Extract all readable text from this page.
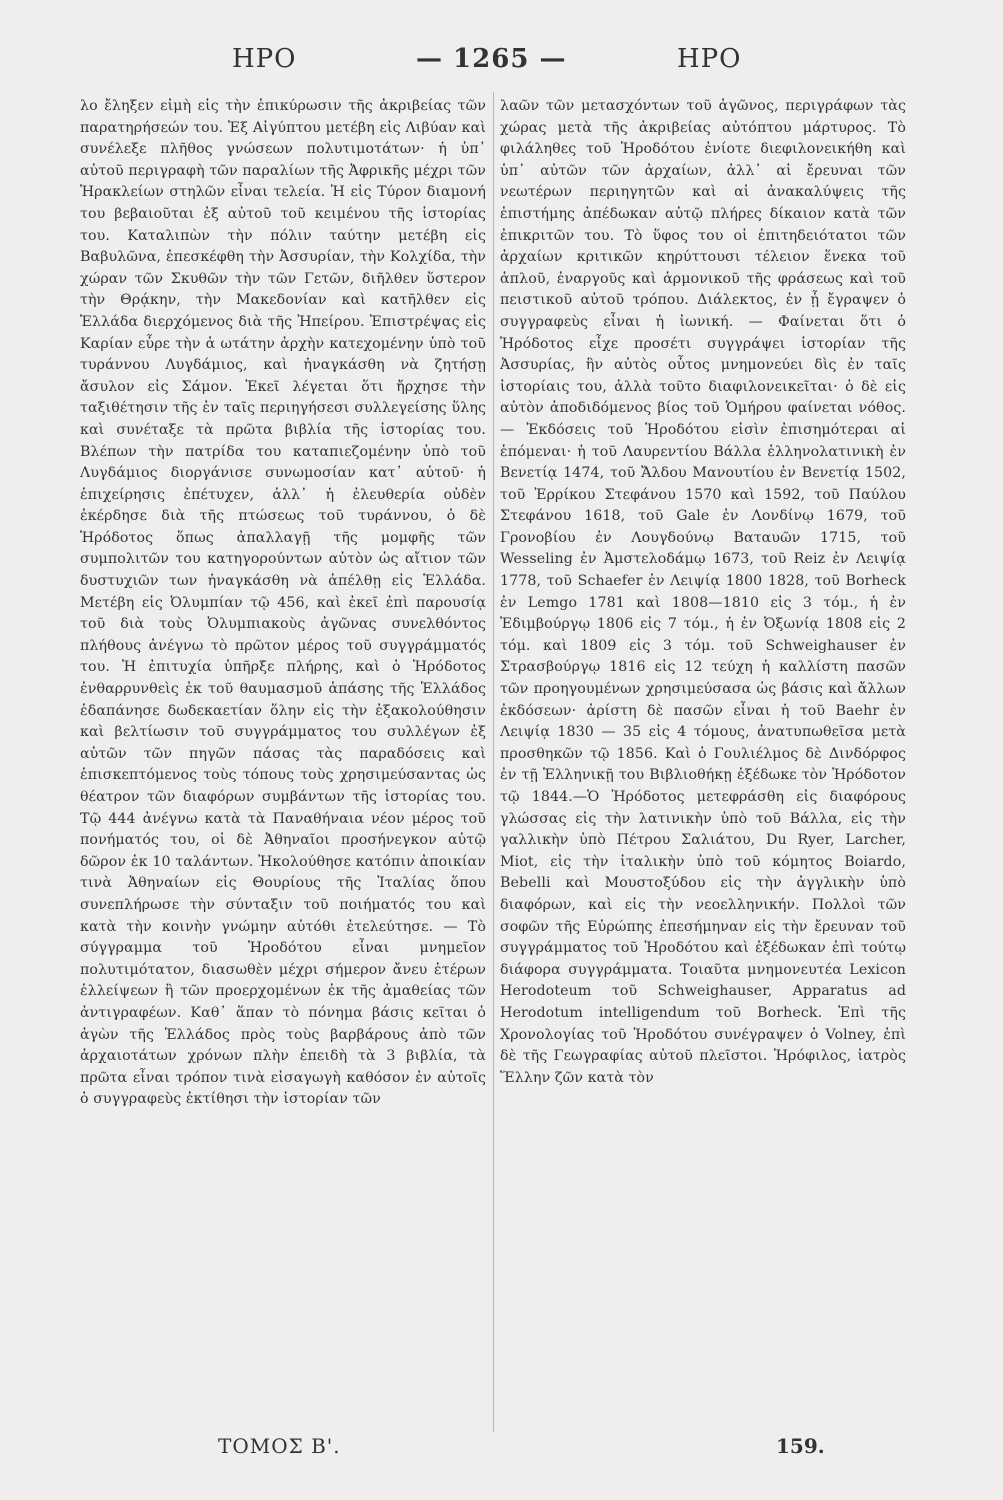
ΗΡΟ	— 1265 —	ΗΡΟ

λο ἔληξεν εἰμὴ εἰς τὴν ἐπικύρωσιν τῆς ἀκριβείας τῶν παρατηρήσεών του. Ἐξ Αἰγύπτου μετέβη εἰς Λιβύαν καὶ συνέλεξε πλῆθος γνώσεων πολυτιμοτάτων· ἡ ὑπ᾽ αὐτοῦ περιγραφὴ τῶν παραλίων τῆς Ἀφρικῆς μέχρι τῶν Ἡρακλείων στηλῶν εἶναι τελεία. Ἡ εἰς Τύρον διαμονή του βεβαιοῦται ἐξ αὐτοῦ τοῦ κειμένου τῆς ἱστορίας του. Καταλιπὼν τὴν πόλιν ταύτην μετέβη εἰς Βαβυλῶνα, ἐπεσκέφθη τὴν Ἀσσυρίαν, τὴν Κολχίδα, τὴν χώραν τῶν Σκυθῶν τὴν τῶν Γετῶν, διῆλθεν ὕστερον τὴν Θρᾴκην, τὴν Μακεδονίαν καὶ κατῆλθεν εἰς Ἑλλάδα διερχόμενος διὰ τῆς Ἠπείρου. Ἐπιστρέψας εἰς Καρίαν εὗρε τὴν ἀ ωτάτην ἀρχὴν κατεχομένην ὑπὸ τοῦ τυράννου Λυγδάμιος, καὶ ἠναγκάσθη νὰ ζητήσῃ ἄσυλον εἰς Σάμον. Ἐκεῖ λέγεται ὅτι ἤρχησε τὴν ταξιθέτησιν τῆς ἐν ταῖς περιηγήσεσι συλλεγείσης ὕλης καὶ συνέταξε τὰ πρῶτα βιβλία τῆς ἱστορίας του. Βλέπων τὴν πατρίδα του καταπιεζομένην ὑπὸ τοῦ Λυγδάμιος διοργάνισε συνωμοσίαν κατ᾽ αὐτοῦ· ἡ ἐπιχείρησις ἐπέτυχεν, ἀλλ᾽ ἡ ἐλευθερία οὐδὲν ἐκέρδησε διὰ τῆς πτώσεως τοῦ τυράννου, ὁ δὲ Ἡρόδοτος ὅπως ἀπαλλαγῇ τῆς μομφῆς τῶν συμπολιτῶν του κατηγορούντων αὐτὸν ὡς αἴτιον τῶν δυστυχιῶν των ἠναγκάσθη νὰ ἀπέλθῃ εἰς Ἑλλάδα. Μετέβη εἰς Ὀλυμπίαν τῷ 456, καὶ ἐκεῖ ἐπὶ παρουσίᾳ τοῦ διὰ τοὺς Ὀλυμπιακοὺς ἀγῶνας συνελθόντος πλήθους ἀνέγνω τὸ πρῶτον μέρος τοῦ συγγράμματός του. Ἡ ἐπιτυχία ὑπῆρξε πλήρης, καὶ ὁ Ἡρόδοτος ἐνθαρρυνθεὶς ἐκ τοῦ θαυμασμοῦ ἁπάσης τῆς Ἑλλάδος ἐδαπάνησε δωδεκαετίαν ὅλην εἰς τὴν ἐξακολούθησιν καὶ βελτίωσιν τοῦ συγγράμματος του συλλέγων ἐξ αὐτῶν τῶν πηγῶν πάσας τὰς παραδόσεις καὶ ἐπισκεπτόμενος τοὺς τόπους τοὺς χρησιμεύσαντας ὡς θέατρον τῶν διαφόρων συμβάντων τῆς ἱστορίας του. Τῷ 444 ἀνέγνω κατὰ τὰ Παναθήναια νέον μέρος τοῦ πονήματός του, οἱ δὲ Ἀθηναῖοι προσήνεγκον αὐτῷ δῶρον ἐκ 10 ταλάντων. Ἠκολούθησε κατόπιν ἀποικίαν τινὰ Ἀθηναίων εἰς Θουρίους τῆς Ἰταλίας ὅπου συνεπλήρωσε τὴν σύνταξιν τοῦ ποιήματός του καὶ κατὰ τὴν κοινὴν γνώμην αὐτόθι ἐτελεύτησε. — Τὸ σύγγραμμα τοῦ Ἡροδότου εἶναι μνημεῖον πολυτιμότατον, διασωθὲν μέχρι σήμερον ἄνευ ἑτέρων ἐλλείψεων ἢ τῶν προερχομένων ἐκ τῆς ἀμαθείας τῶν ἀντιγραφέων. Καθ᾽ ἅπαν τὸ πόνημα βάσις κεῖται ὁ ἀγὼν τῆς Ἑλλάδος πρὸς τοὺς βαρβάρους ἀπὸ τῶν ἀρχαιοτάτων χρόνων πλὴν ἐπειδὴ τὰ 3 βιβλία, τὰ πρῶτα εἶναι τρόπον τινὰ εἰσαγωγὴ καθόσον ἐν αὐτοῖς ὁ συγγραφεὺς ἐκτίθησι τὴν ἱστορίαν τῶν

λαῶν τῶν μετασχόντων τοῦ ἀγῶνος, περιγράφων τὰς χώρας μετὰ τῆς ἀκριβείας αὐτόπτου μάρτυρος. Τὸ φιλάληθες τοῦ Ἡροδότου ἐνίοτε διεφιλονεικήθη καὶ ὑπ᾽ αὐτῶν τῶν ἀρχαίων, ἀλλ᾽ αἱ ἔρευναι τῶν νεωτέρων περιηγητῶν καὶ αἱ ἀνακαλύψεις τῆς ἐπιστήμης ἀπέδωκαν αὐτῷ πλήρες δίκαιον κατὰ τῶν ἐπικριτῶν του. Τὸ ὕφος του οἱ ἐπιτηδειότατοι τῶν ἀρχαίων κριτικῶν κηρύττουσι τέλειον ἕνεκα τοῦ ἁπλοῦ, ἐναργοῦς καὶ ἁρμονικοῦ τῆς φράσεως καὶ τοῦ πειστικοῦ αὐτοῦ τρόπου. Διάλεκτος, ἐν ᾗ ἔγραψεν ὁ συγγραφεὺς εἶναι ἡ ἰωνική. — Φαίνεται ὅτι ὁ Ἡρόδοτος εἶχε προσέτι συγγράψει ἱστορίαν τῆς Ἀσσυρίας, ἣν αὐτὸς οὗτος μνημονεύει δὶς ἐν ταῖς ἱστορίαις του, ἀλλὰ τοῦτο διαφιλονεικεῖται· ὁ δὲ εἰς αὐτὸν ἀποδιδόμενος βίος τοῦ Ὁμήρου φαίνεται νόθος. — Ἐκδόσεις τοῦ Ἡροδότου εἰσὶν ἐπισημότεραι αἱ ἑπόμεναι· ἡ τοῦ Λαυρεντίου Βάλλα ἑλληνολατινικὴ ἐν Βενετίᾳ 1474, τοῦ Ἄλδου Μανουτίου ἐν Βενετίᾳ 1502, τοῦ Ἐρρίκου Στεφάνου 1570 καὶ 1592, τοῦ Παύλου Στεφάνου 1618, τοῦ Gale ἐν Λονδίνῳ 1679, τοῦ Γρονοβίου ἐν Λουγδούνῳ Βαταυῶν 1715, τοῦ Wesseling ἐν Ἀμστελοδάμῳ 1673, τοῦ Reiz ἐν Λειψίᾳ 1778, τοῦ Schaefer ἐν Λειψίᾳ 1800 1828, τοῦ Borheck ἐν Lemgo 1781 καὶ 1808—1810 εἰς 3 τόμ., ἡ ἐν Ἐδιμβούργῳ 1806 εἰς 7 τόμ., ἡ ἐν Ὀξωνίᾳ 1808 εἰς 2 τόμ. καὶ 1809 εἰς 3 τόμ. τοῦ Schweighauser ἐν Στρασβούργῳ 1816 εἰς 12 τεύχη ἡ καλλίστη πασῶν τῶν προηγουμένων χρησιμεύσασα ὡς βάσις καὶ ἄλλων ἐκδόσεων· ἀρίστη δὲ πασῶν εἶναι ἡ τοῦ Baehr ἐν Λειψίᾳ 1830 — 35 εἰς 4 τόμους, ἀνατυπωθεῖσα μετὰ προσθηκῶν τῷ 1856. Καὶ ὁ Γουλιέλμος δὲ Δινδόρφος ἐν τῇ Ἑλληνικῇ του Βιβλιοθήκῃ ἐξέδωκε τὸν Ἡρόδοτον τῷ 1844.—Ὁ Ἡρόδοτος μετεφράσθη εἰς διαφόρους γλώσσας εἰς τὴν λατινικὴν ὑπὸ τοῦ Βάλλα, εἰς τὴν γαλλικὴν ὑπὸ Πέτρου Σαλιάτου, Du Ryer, Larcher, Miot, εἰς τὴν ἰταλικὴν ὑπὸ τοῦ κόμητος Boiardo, Bebelli καὶ Μουστοξύδου εἰς τὴν ἀγγλικὴν ὑπὸ διαφόρων, καὶ εἰς τὴν νεοελληνικήν. Πολλοὶ τῶν σοφῶν τῆς Εὐρώπης ἐπεσήμηναν εἰς τὴν ἔρευναν τοῦ συγγράμματος τοῦ Ἡροδότου καὶ ἐξέδωκαν ἐπὶ τούτῳ διάφορα συγγράμματα. Τοιαῦτα μνημονευτέα Lexicon Herodoteum τοῦ Schweighauser, Apparatus ad Herodotum intelligendum τοῦ Borheck. Ἐπὶ τῆς Χρονολογίας τοῦ Ἡροδότου συνέγραψεν ὁ Volney, ἐπὶ δὲ τῆς Γεωγραφίας αὐτοῦ πλεῖστοι. Ἡρόφιλος, ἰατρὸς Ἕλλην ζῶν κατὰ τὸν

ΤΟΜΟΣ Β'.	159.
